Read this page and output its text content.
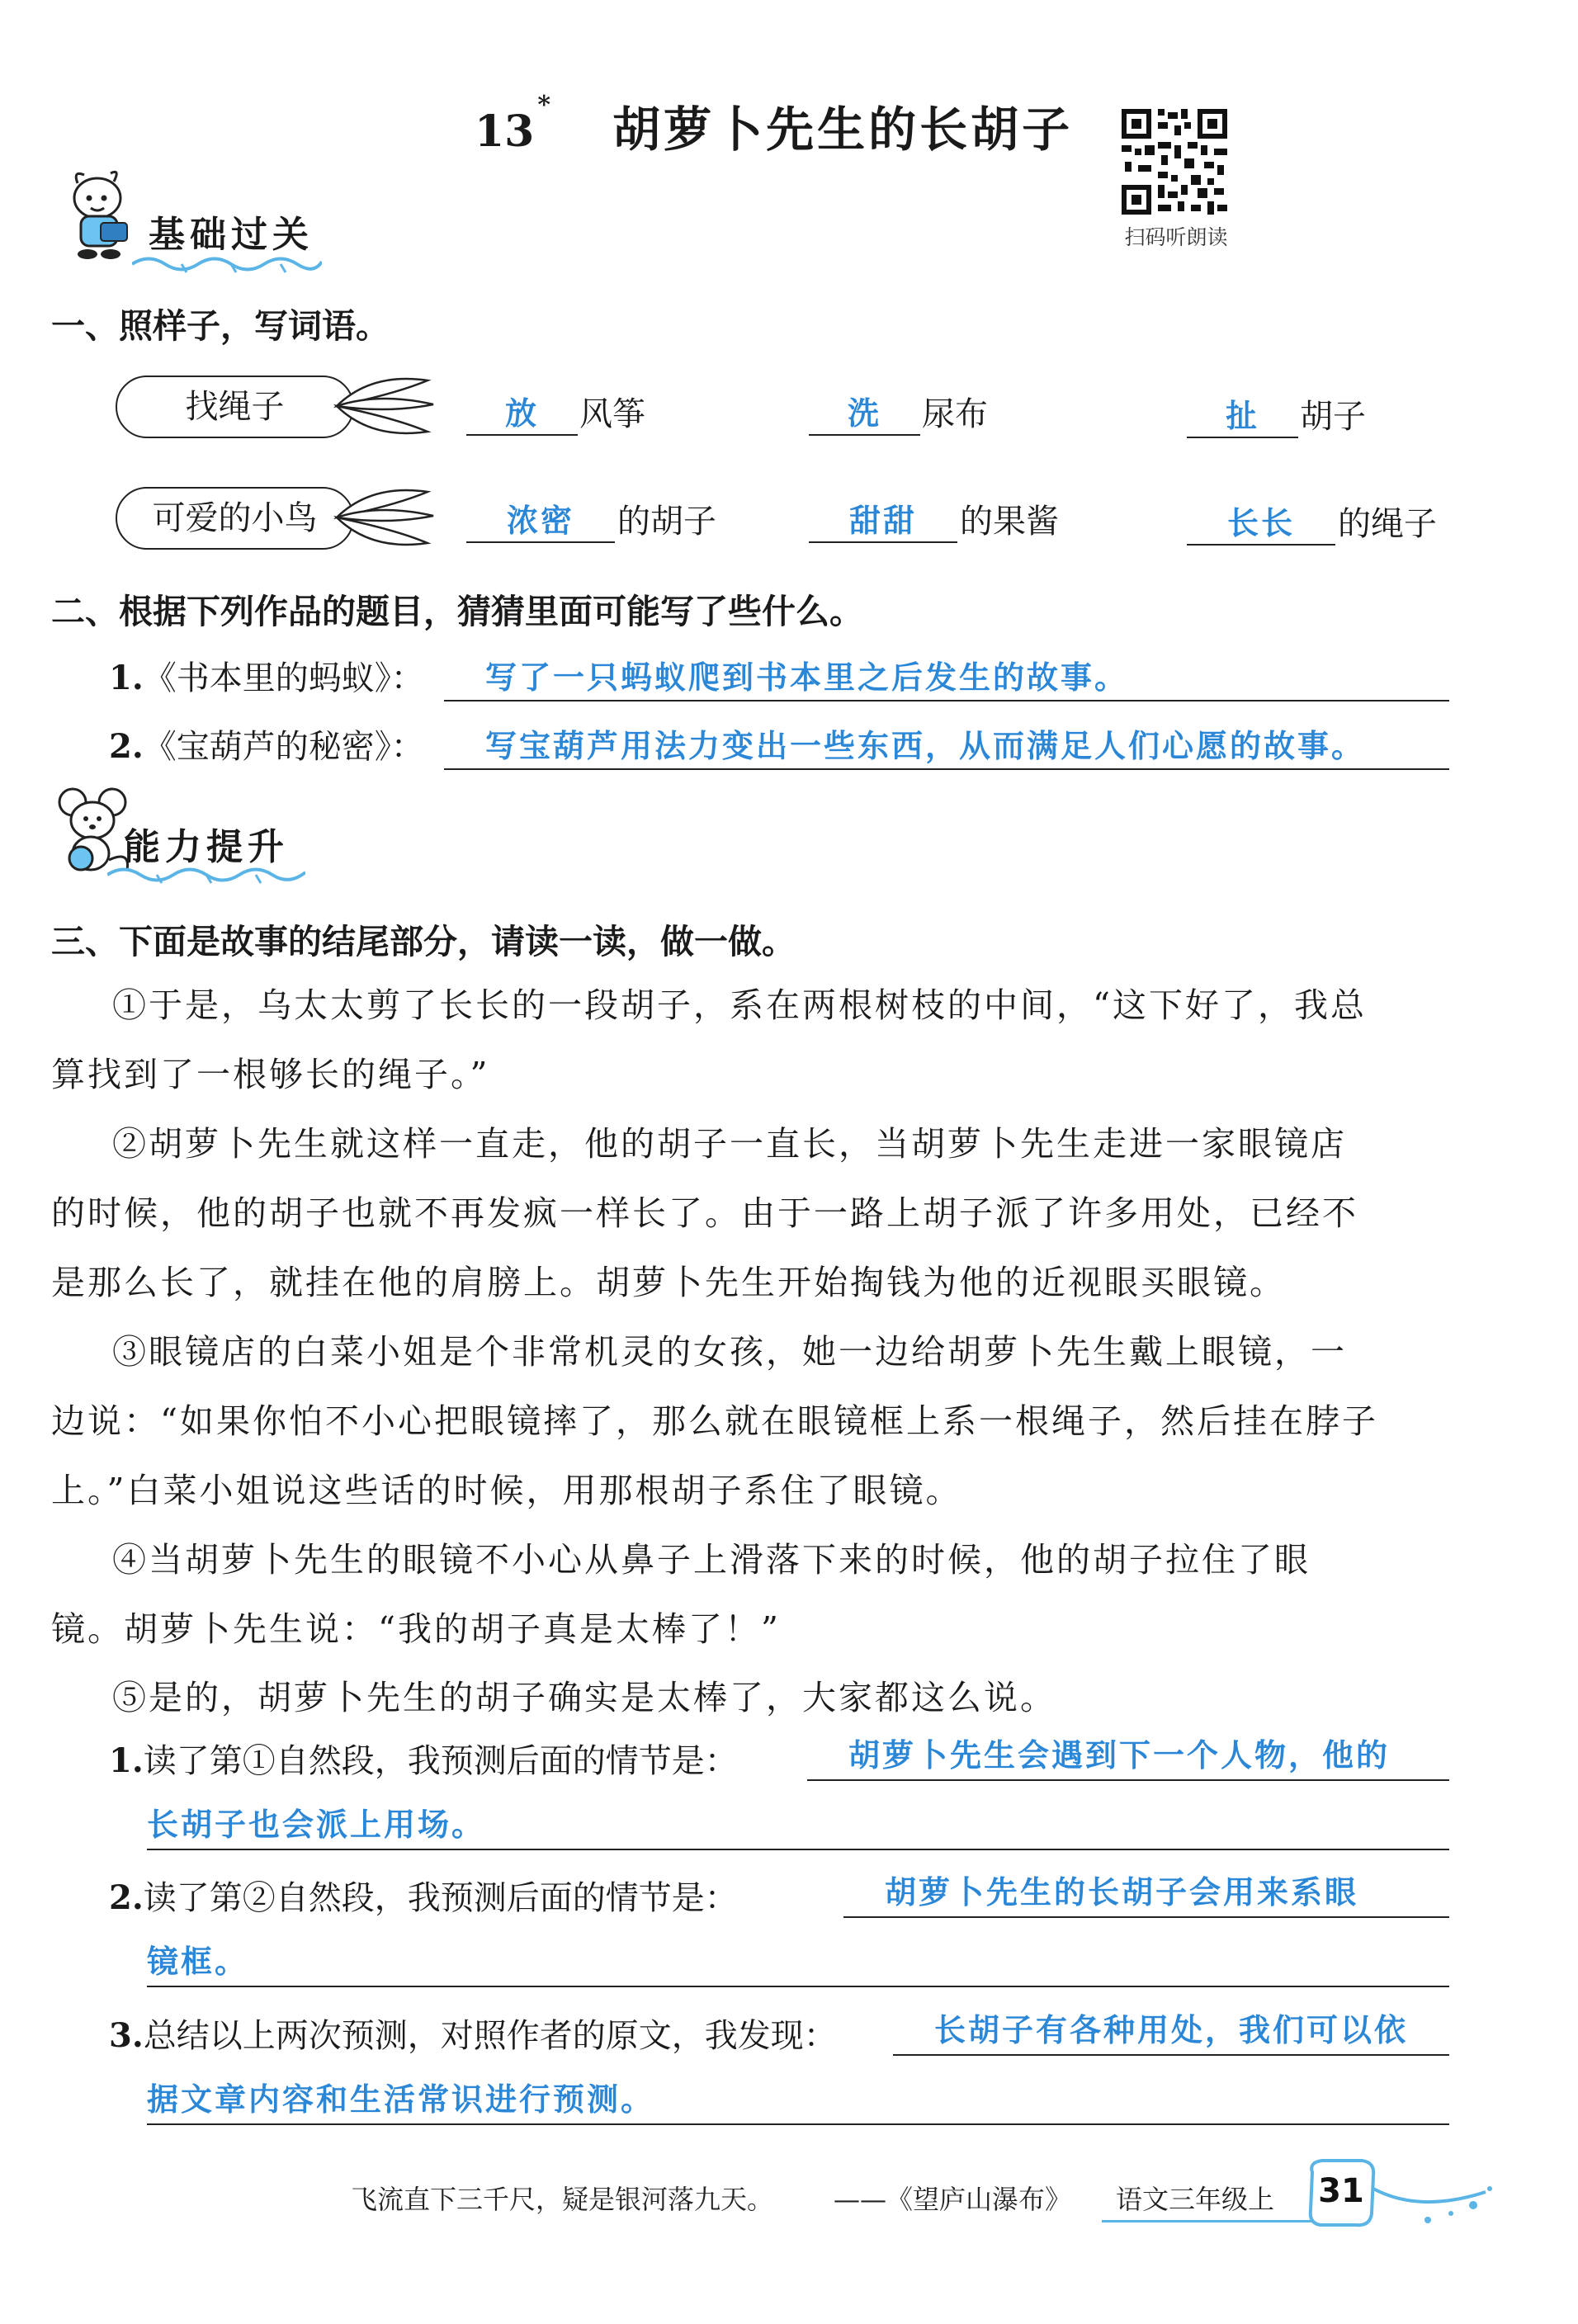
13* 胡萝卜先生的长胡子
扫码听朗读
基础过关
一、照样子，写词语。
找绳子	放	风筝	洗	尿布	扯	胡子
可爱的小鸟	浓密	的胡子	甜甜	的果酱	长长	的绳子
二、根据下列作品的题目，猜猜里面可能写了些什么。
1.《书本里的蚂蚁》：	写了一只蚂蚁爬到书本里之后发生的故事。
2.《宝葫芦的秘密》：	写宝葫芦用法力变出一些东西，从而满足人们心愿的故事。
能力提升
三、下面是故事的结尾部分，请读一读，做一做。
①于是，乌太太剪了长长的一段胡子，系在两根树枝的中间，“这下好了，我总
算找到了一根够长的绳子。”
②胡萝卜先生就这样一直走，他的胡子一直长，当胡萝卜先生走进一家眼镜店
的时候，他的胡子也就不再发疯一样长了。由于一路上胡子派了许多用处，已经不
是那么长了，就挂在他的肩膀上。胡萝卜先生开始掏钱为他的近视眼买眼镜。
③眼镜店的白菜小姐是个非常机灵的女孩，她一边给胡萝卜先生戴上眼镜，一
边说：“如果你怕不小心把眼镜摔了，那么就在眼镜框上系一根绳子，然后挂在脖子
上。”白菜小姐说这些话的时候，用那根胡子系住了眼镜。
④当胡萝卜先生的眼镜不小心从鼻子上滑落下来的时候，他的胡子拉住了眼
镜。胡萝卜先生说：“我的胡子真是太棒了！”
⑤是的，胡萝卜先生的胡子确实是太棒了，大家都这么说。
1.读了第①自然段，我预测后面的情节是：	胡萝卜先生会遇到下一个人物，他的
长胡子也会派上用场。
2.读了第②自然段，我预测后面的情节是：	胡萝卜先生的长胡子会用来系眼
镜框。
3.总结以上两次预测，对照作者的原文，我发现：	长胡子有各种用处，我们可以依
据文章内容和生活常识进行预测。
飞流直下三千尺，疑是银河落九天。 ——《望庐山瀑布》 语文三年级上 31
